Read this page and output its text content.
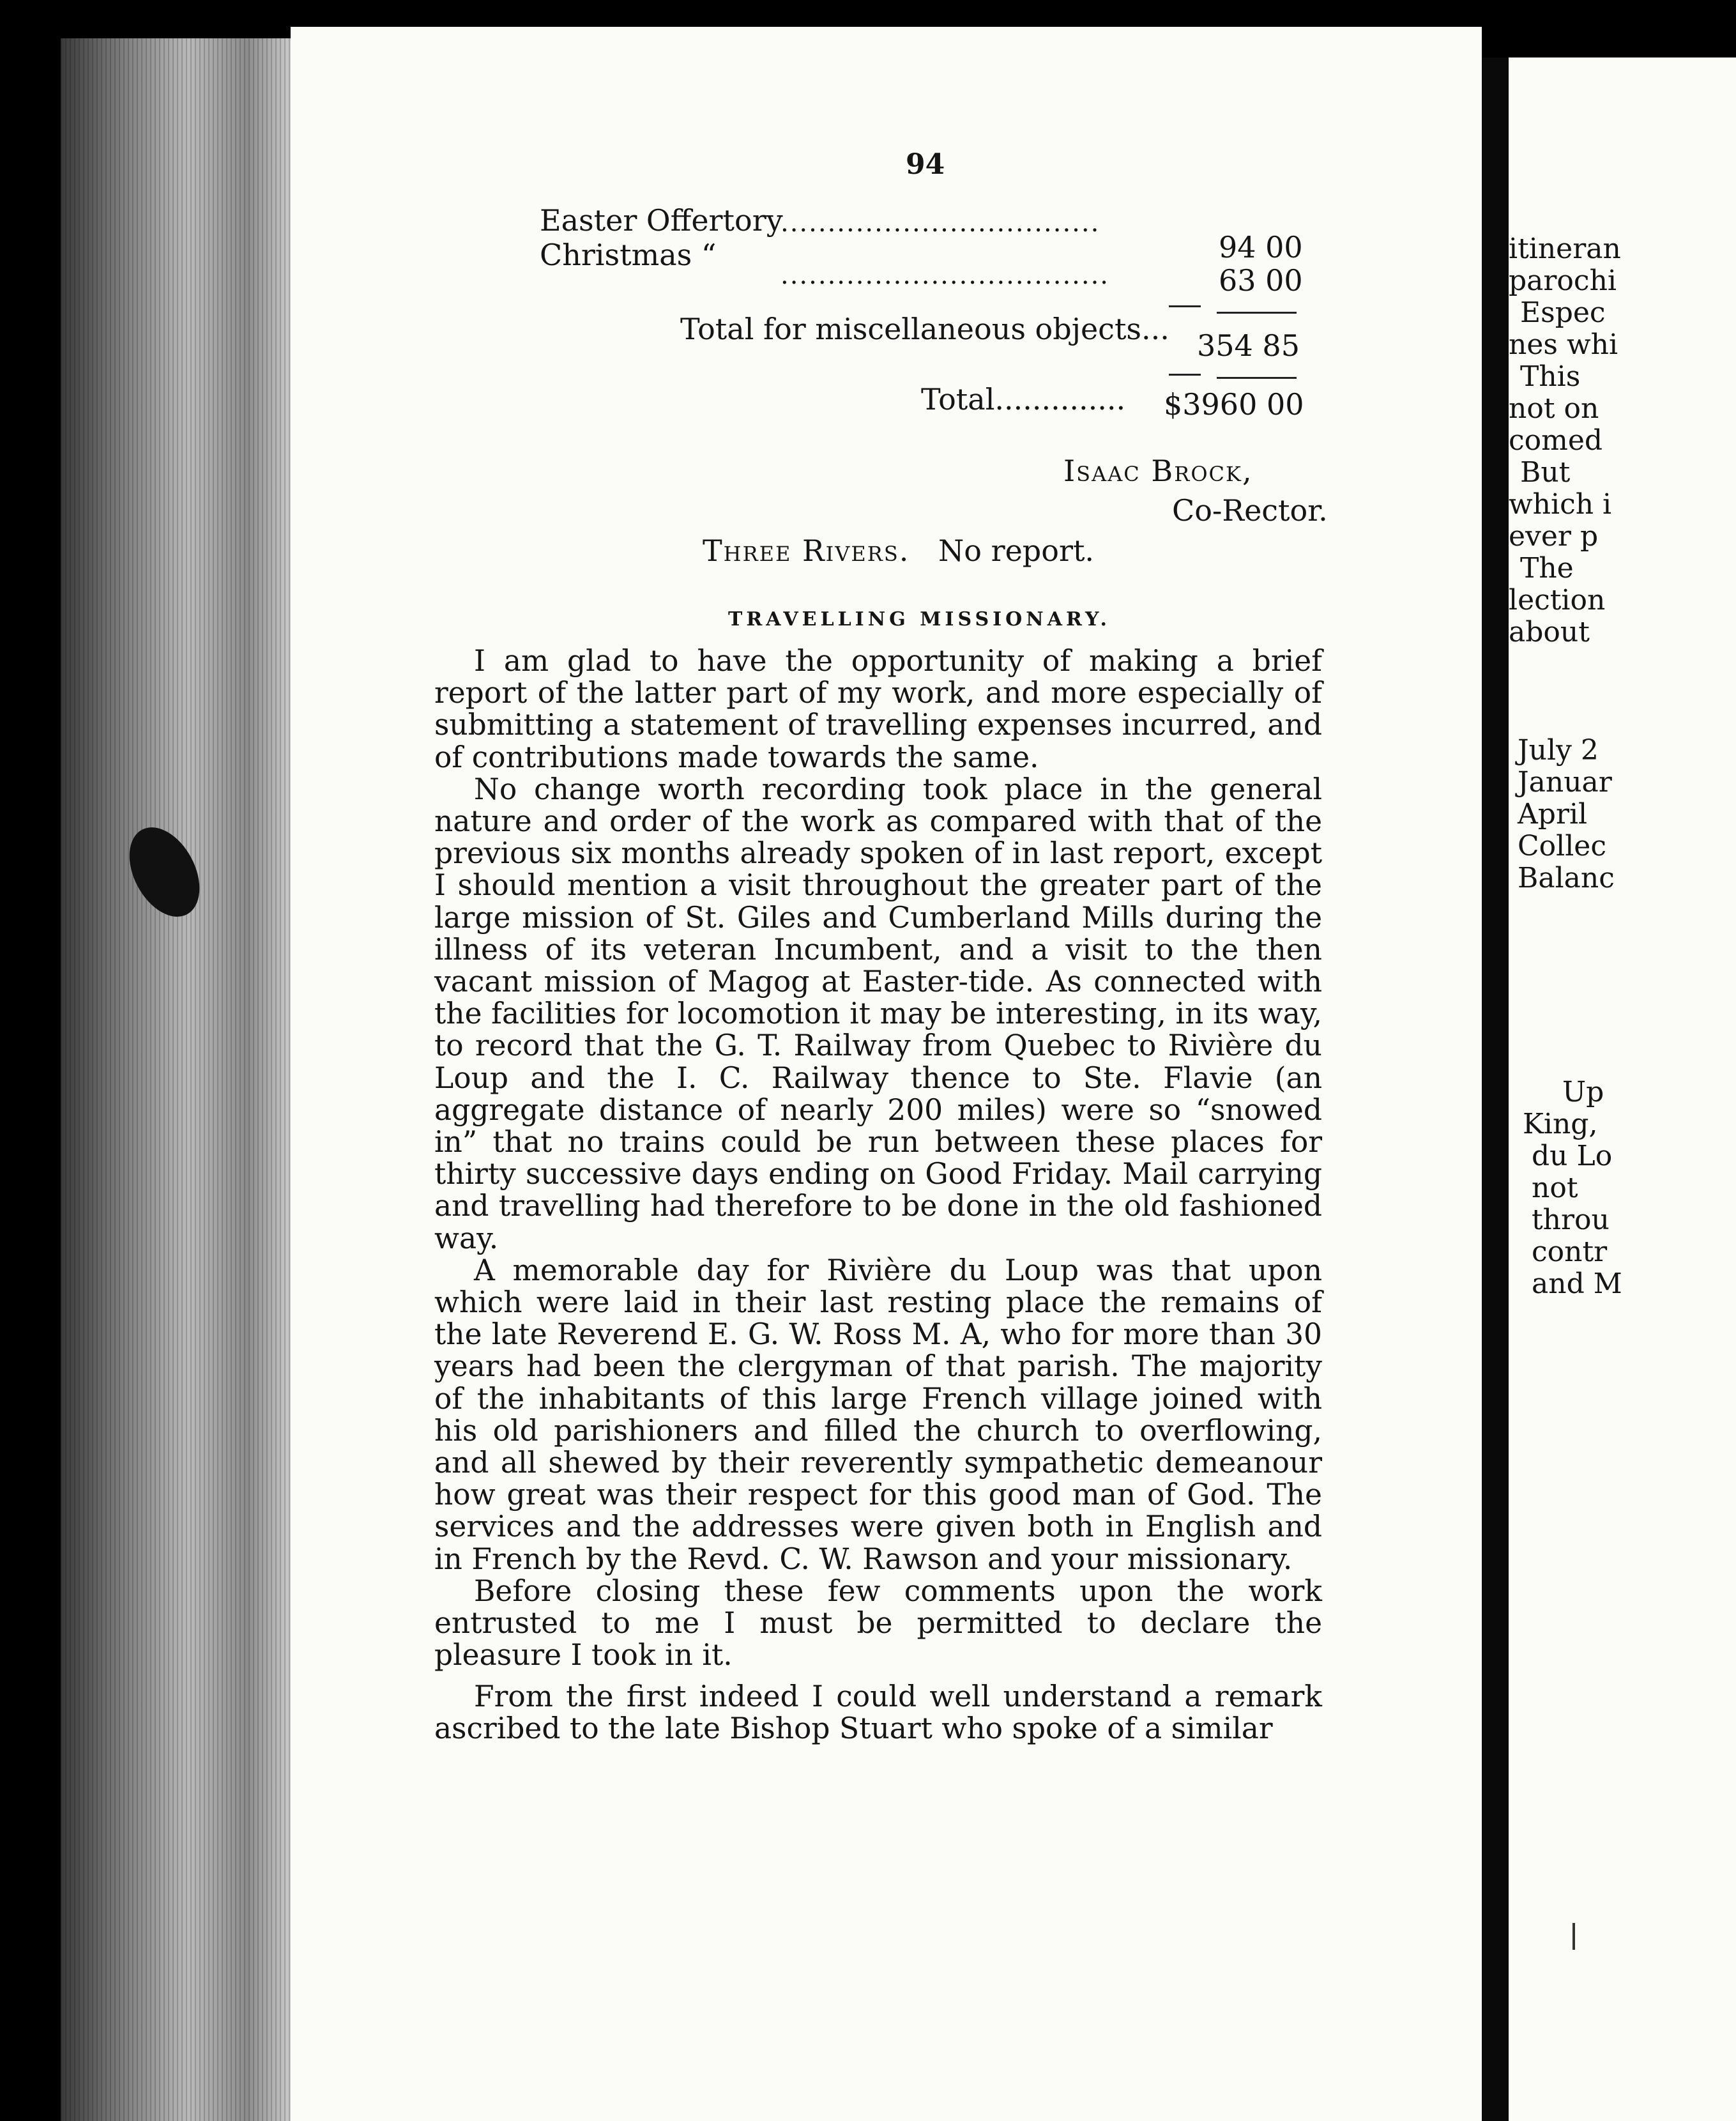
itineran
parochi
Espec
nes whi
This
not on
comed
But
which i
ever p
The
lection
about
July 2
Januar
April
Collec
Balanc
Up
King,
du Lo
not
throu
contr
and M
94
Easter Offertory
..................................
94 00
Christmas “
...................................	63 00
Total for miscellaneous objects... 354 85
Total.............. $3960 00
Isaac Brock,
Co-Rector.
Three Rivers. No report.
TRAVELLING MISSIONARY.

I am glad to have the opportunity of making a brief report of the latter part of my work, and more especially of submitting a statement of travelling expenses incurred, and of contributions made towards the same.

No change worth recording took place in the general nature and order of the work as compared with that of the previous six months already spoken of in last report, except I should mention a visit throughout the greater part of the large mission of St. Giles and Cumberland Mills during the illness of its veteran Incumbent, and a visit to the then vacant mission of Magog at Easter-tide. As connected with the facilities for locomotion it may be interesting, in its way, to record that the G. T. Railway from Quebec to Rivière du Loup and the I. C. Railway thence to Ste. Flavie (an aggregate distance of nearly 200 miles) were so “snowed in” that no trains could be run between these places for thirty successive days ending on Good Friday. Mail carrying and travelling had therefore to be done in the old fashioned way.

A memorable day for Rivière du Loup was that upon which were laid in their last resting place the remains of the late Reverend E. G. W. Ross M. A, who for more than 30 years had been the clergyman of that parish. The majority of the inhabitants of this large French village joined with his old parishioners and filled the church to overflowing, and all shewed by their reverently sympathetic demeanour how great was their respect for this good man of God. The services and the addresses were given both in English and in French by the Revd. C. W. Rawson and your missionary.

Before closing these few comments upon the work entrusted to me I must be permitted to declare the pleasure I took in it.

From the first indeed I could well understand a remark ascribed to the late Bishop Stuart who spoke of a similar
